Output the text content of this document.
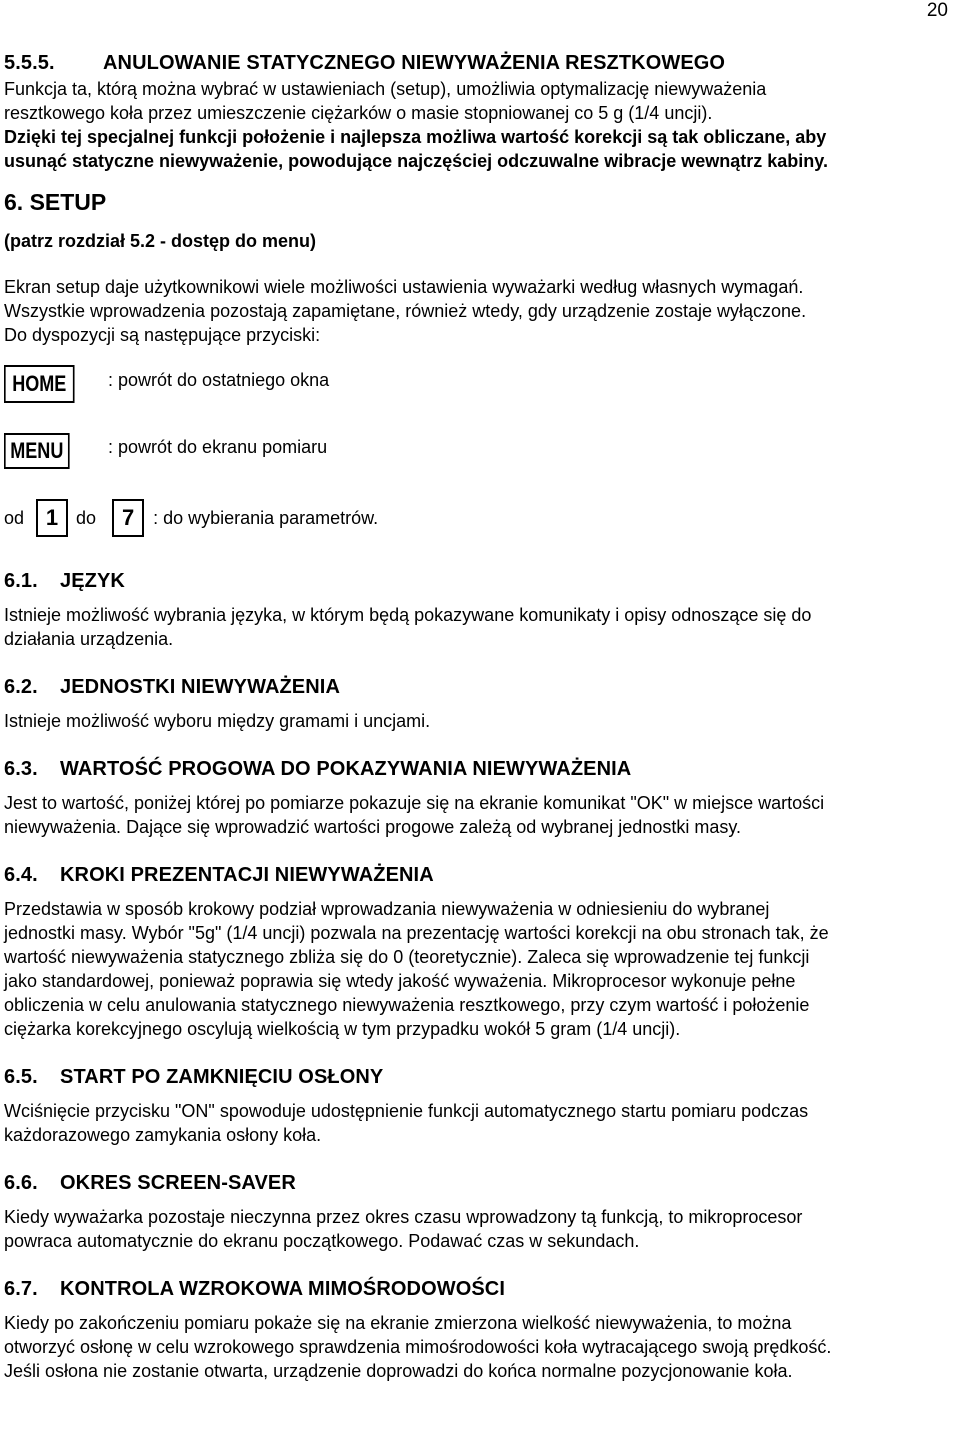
20
5.5.5. ANULOWANIE STATYCZNEGO NIEWYWAŻENIA RESZTKOWEGO

Funkcja ta, którą można wybrać w ustawieniach (setup), umożliwia optymalizację niewyważenia

resztkowego koła przez umieszczenie ciężarków o masie stopniowanej co 5 g (1/4 uncji).

Dzięki tej specjalnej funkcji położenie i najlepsza możliwa wartość korekcji są tak obliczane, aby

usunąć statyczne niewyważenie, powodujące najczęściej odczuwalne wibracje wewnątrz kabiny.

6. SETUP
(patrz rozdział 5.2 - dostęp do menu)

Ekran setup daje użytkownikowi wiele możliwości ustawienia wyważarki według własnych wymagań.

Wszystkie wprowadzenia pozostają zapamiętane, również wtedy, gdy urządzenie zostaje wyłączone.

Do dyspozycji są następujące przyciski:

HOME	: powrót do ostatniego okna
MENU	: powrót do ekranu pomiaru
od 1 do	7	: do wybierania parametrów.
6.1. JĘZYK

Istnieje możliwość wybrania języka, w którym będą pokazywane komunikaty i opisy odnoszące się do

działania urządzenia.

6.2. JEDNOSTKI NIEWYWAŻENIA

Istnieje możliwość wyboru między gramami i uncjami.

6.3. WARTOŚĆ PROGOWA DO POKAZYWANIA NIEWYWAŻENIA

Jest to wartość, poniżej której po pomiarze pokazuje się na ekranie komunikat "OK" w miejsce wartości

niewyważenia. Dające się wprowadzić wartości progowe zależą od wybranej jednostki masy.

6.4. KROKI PREZENTACJI NIEWYWAŻENIA

Przedstawia w sposób krokowy podział wprowadzania niewyważenia w odniesieniu do wybranej

jednostki masy. Wybór "5g" (1/4 uncji) pozwala na prezentację wartości korekcji na obu stronach tak, że

wartość niewyważenia statycznego zbliża się do 0 (teoretycznie). Zaleca się wprowadzenie tej funkcji

jako standardowej, ponieważ poprawia się wtedy jakość wyważenia. Mikroprocesor wykonuje pełne

obliczenia w celu anulowania statycznego niewyważenia resztkowego, przy czym wartość i położenie

ciężarka korekcyjnego oscylują wielkością w tym przypadku wokół 5 gram (1/4 uncji).

6.5. START PO ZAMKNIĘCIU OSŁONY

Wciśnięcie przycisku "ON" spowoduje udostępnienie funkcji automatycznego startu pomiaru podczas

każdorazowego zamykania osłony koła.

6.6. OKRES SCREEN-SAVER

Kiedy wyważarka pozostaje nieczynna przez okres czasu wprowadzony tą funkcją, to mikroprocesor

powraca automatycznie do ekranu początkowego. Podawać czas w sekundach.

6.7. KONTROLA WZROKOWA MIMOŚRODOWOŚCI

Kiedy po zakończeniu pomiaru pokaże się na ekranie zmierzona wielkość niewyważenia, to można

otworzyć osłonę w celu wzrokowego sprawdzenia mimośrodowości koła wytracającego swoją prędkość.

Jeśli osłona nie zostanie otwarta, urządzenie doprowadzi do końca normalne pozycjonowanie koła.
